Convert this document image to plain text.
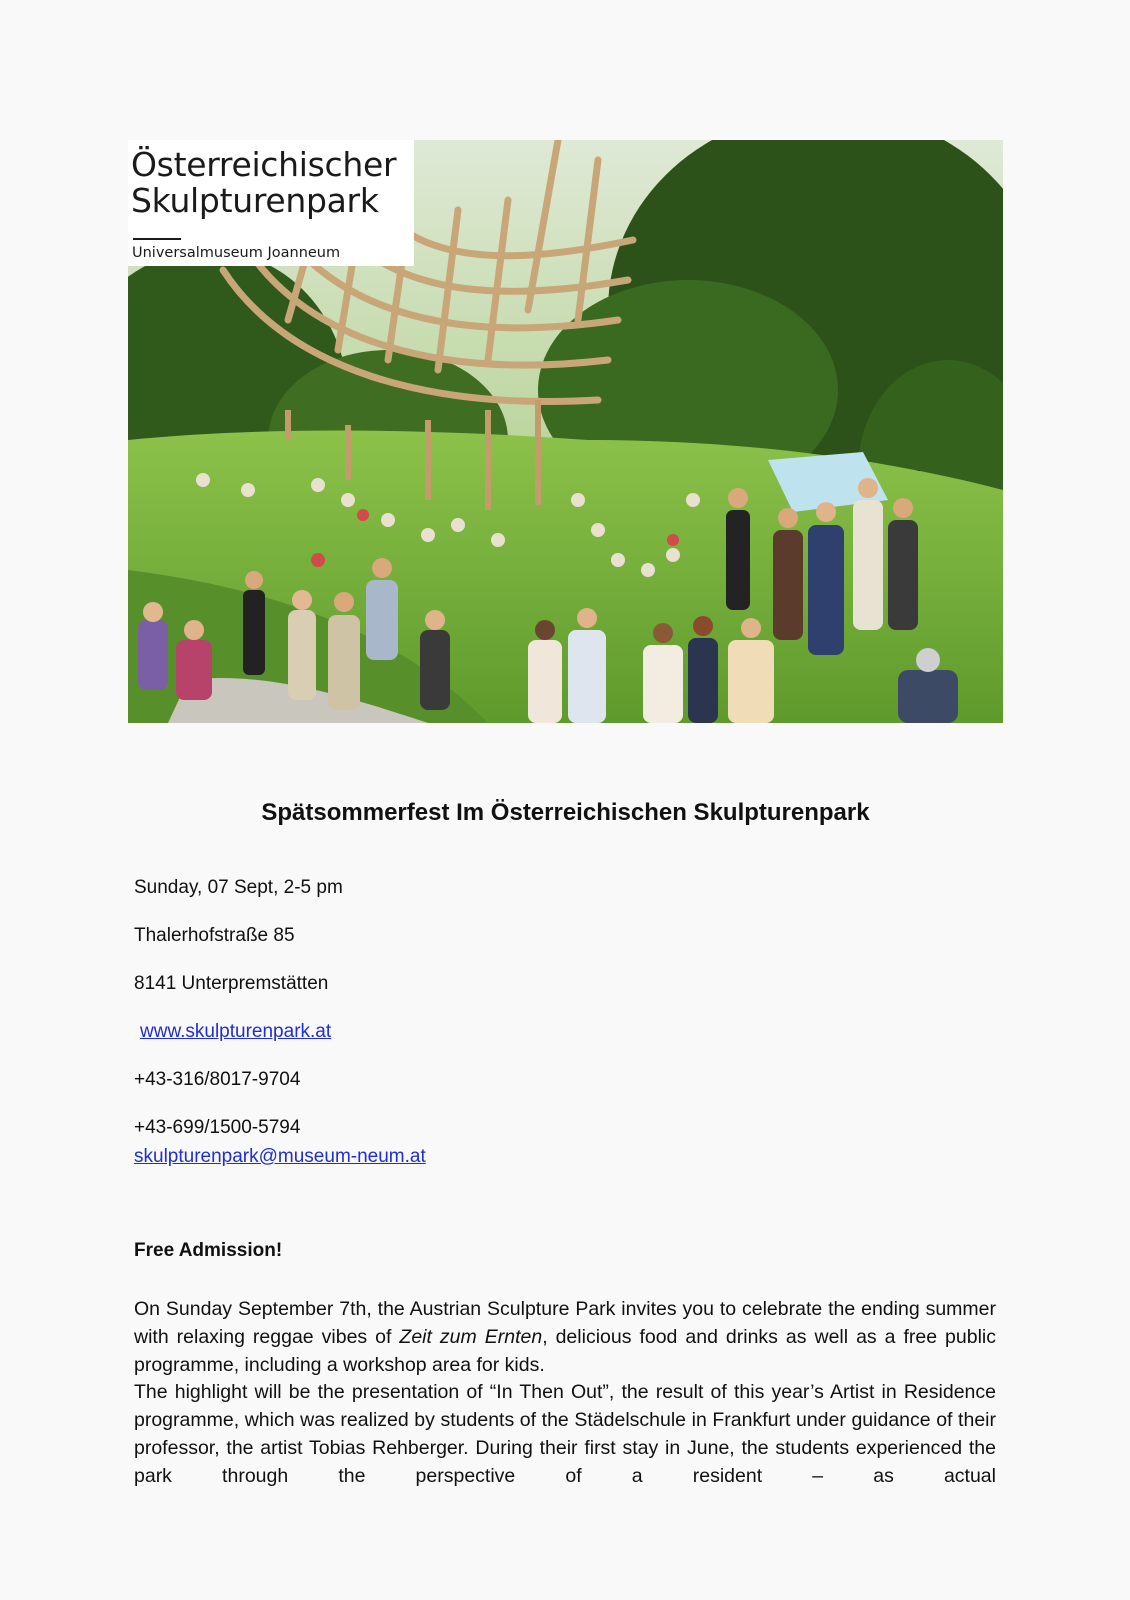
Österreichischer
Skulpturenpark
Universalmuseum Joanneum
Spätsommerfest Im Österreichischen Skulpturenpark
Sunday, 07 Sept, 2-5 pm
Thalerhofstraße 85
8141 Unterpremstätten
www.skulpturenpark.at
+43-316/8017-9704
+43-699/1500-5794
skulpturenpark@museum-neum.at
Free Admission!

On Sunday September 7th, the Austrian Sculpture Park invites you to celebrate the ending summer with relaxing reggae vibes of Zeit zum Ernten, delicious food and drinks as well as a free public programme, including a workshop area for kids.

The highlight will be the presentation of “In Then Out”, the result of this year’s Artist in Residence programme, which was realized by students of the Städelschule in Frankfurt under guidance of their professor, the artist Tobias Rehberger. During their first stay in June, the students experienced the park through the perspective of a resident – as actual
